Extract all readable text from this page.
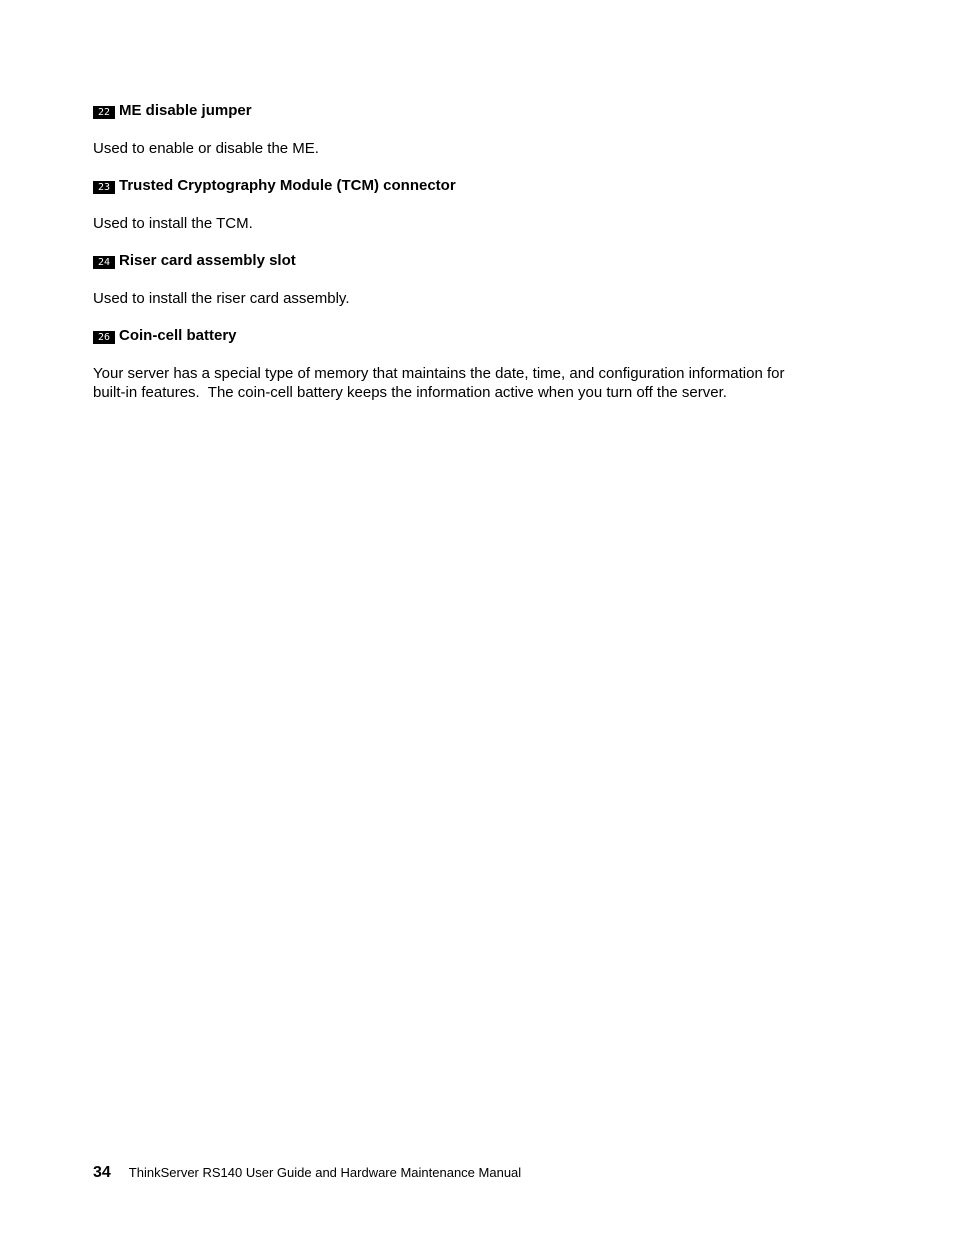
22 ME disable jumper

Used to enable or disable the ME.

23 Trusted Cryptography Module (TCM) connector

Used to install the TCM.

24 Riser card assembly slot

Used to install the riser card assembly.

26 Coin-cell battery

Your server has a special type of memory that maintains the date, time, and configuration information for
built-in features.  The coin-cell battery keeps the information active when you turn off the server.

34 ThinkServer RS140 User Guide and Hardware Maintenance Manual
